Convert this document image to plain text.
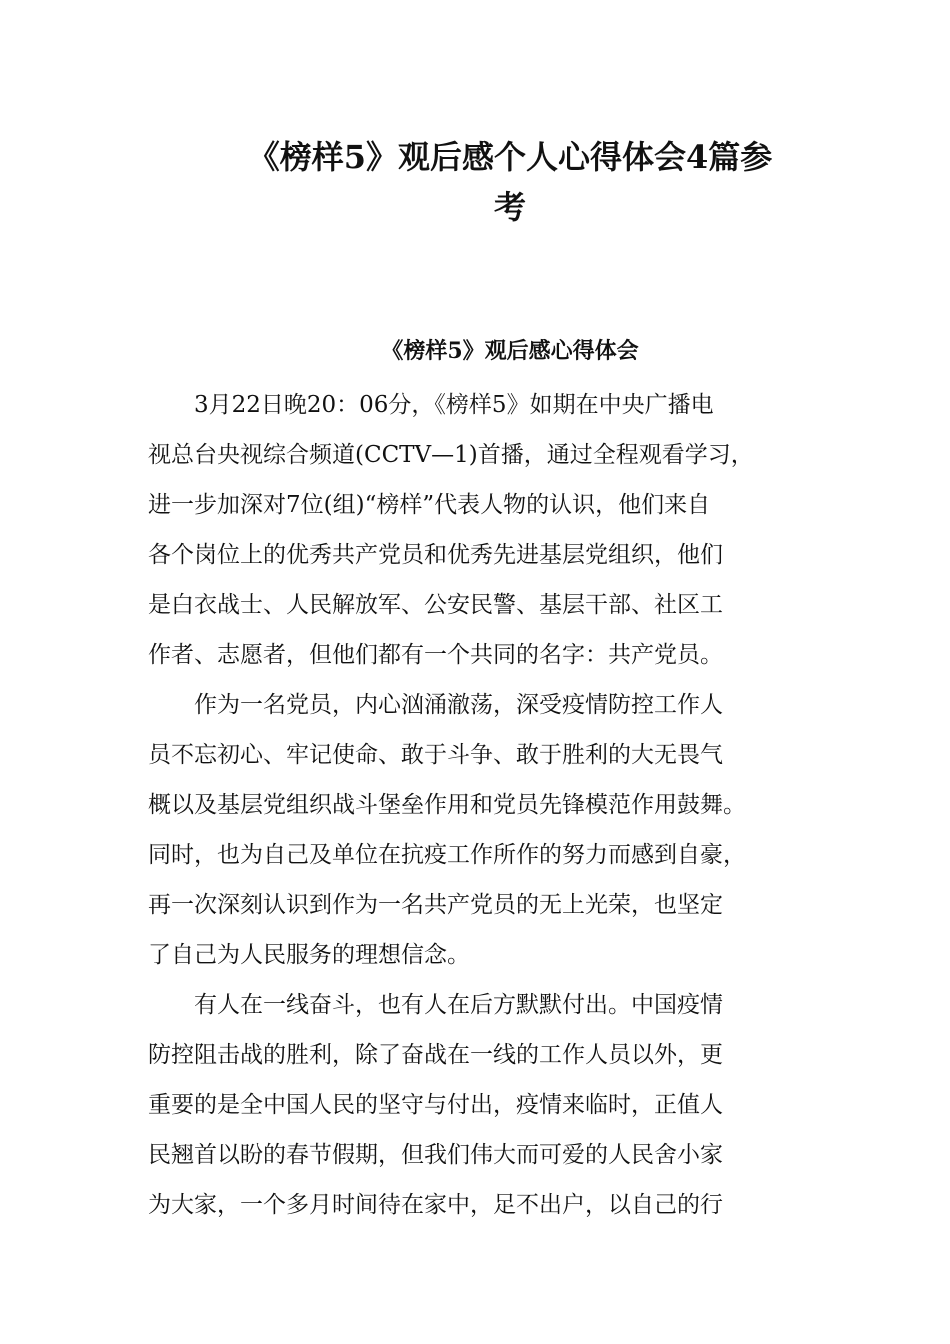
《榜样5》观后感个人心得体会4篇参
考
《榜样5》观后感心得体会

　　3月22日晚20：06分，《榜样5》如期在中央广播电
视总台央视综合频道(CCTV—1)首播，通过全程观看学习，
进一步加深对7位(组)“榜样”代表人物的认识，他们来自
各个岗位上的优秀共产党员和优秀先进基层党组织，他们
是白衣战士、人民解放军、公安民警、基层干部、社区工
作者、志愿者，但他们都有一个共同的名字：共产党员。

　　作为一名党员，内心汹涌澈荡，深受疫情防控工作人
员不忘初心、牢记使命、敢于斗争、敢于胜利的大无畏气
概以及基层党组织战斗堡垒作用和党员先锋模范作用鼓舞。
同时，也为自己及单位在抗疫工作所作的努力而感到自豪，
再一次深刻认识到作为一名共产党员的无上光荣，也坚定
了自己为人民服务的理想信念。

　　有人在一线奋斗，也有人在后方默默付出。中国疫情
防控阻击战的胜利，除了奋战在一线的工作人员以外，更
重要的是全中国人民的坚守与付出，疫情来临时，正值人
民翘首以盼的春节假期，但我们伟大而可爱的人民舍小家
为大家，一个多月时间待在家中，足不出户，以自己的行
